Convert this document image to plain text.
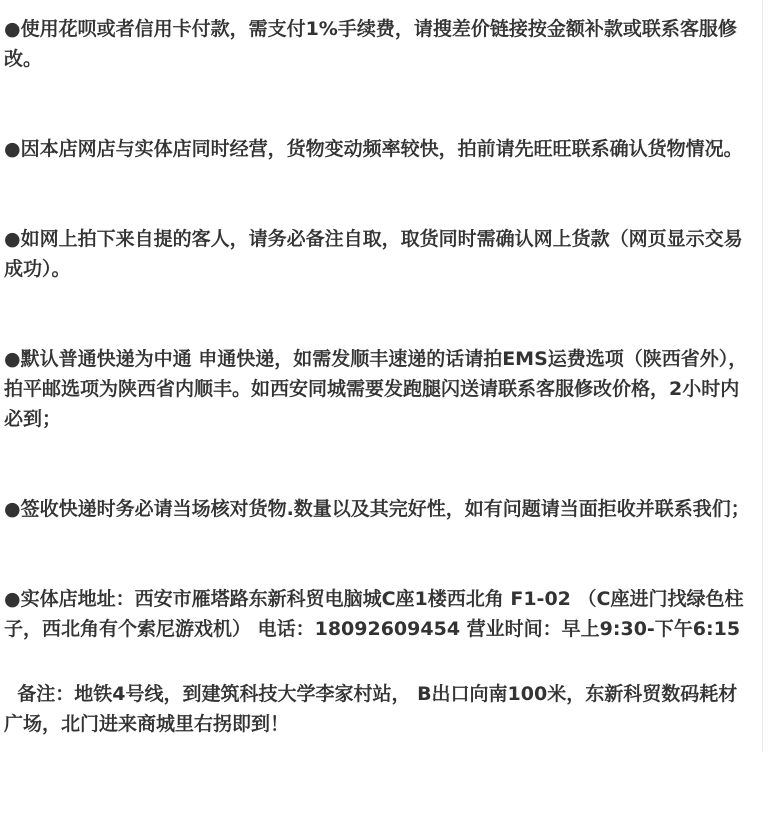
●使用花呗或者信用卡付款，需支付1%手续费，请搜差价链接按金额补款或联系客服修改。

●因本店网店与实体店同时经营，货物变动频率较快，拍前请先旺旺联系确认货物情况。

●如网上拍下来自提的客人，请务必备注自取，取货同时需确认网上货款（网页显示交易成功）。

●默认普通快递为中通 申通快递，如需发顺丰速递的话请拍EMS运费选项（陕西省外），拍平邮选项为陕西省内顺丰。如西安同城需要发跑腿闪送请联系客服修改价格，2小时内必到；

●签收快递时务必请当场核对货物.数量以及其完好性，如有问题请当面拒收并联系我们；

●实体店地址：西安市雁塔路东新科贸电脑城C座1楼西北角 F1-02 （C座进门找绿色柱子，西北角有个索尼游戏机） 电话：18092609454 营业时间：早上9:30-下午6:15

备注：地铁4号线，到建筑科技大学李家村站， B出口向南100米，东新科贸数码耗材广场，北门进来商城里右拐即到！
